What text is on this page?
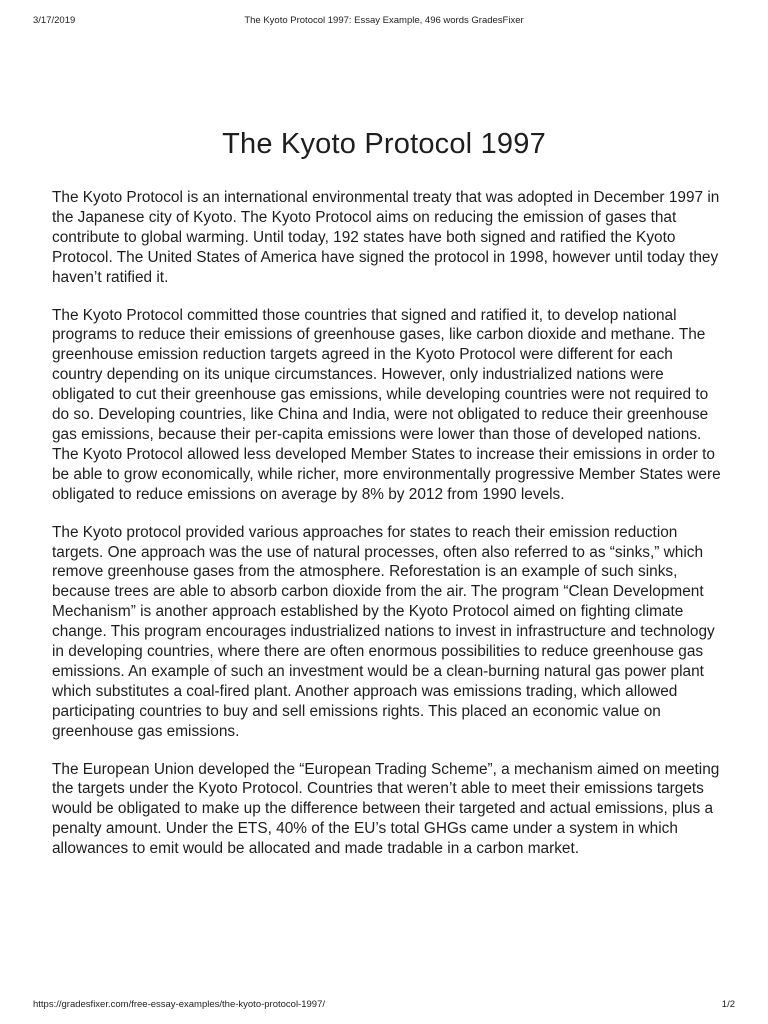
3/17/2019	The Kyoto Protocol 1997: Essay Example, 496 words GradesFixer
The Kyoto Protocol 1997

The Kyoto Protocol is an international environmental treaty that was adopted in December 1997 in the Japanese city of Kyoto. The Kyoto Protocol aims on reducing the emission of gases that contribute to global warming. Until today, 192 states have both signed and ratified the Kyoto Protocol. The United States of America have signed the protocol in 1998, however until today they haven’t ratified it.

The Kyoto Protocol committed those countries that signed and ratified it, to develop national programs to reduce their emissions of greenhouse gases, like carbon dioxide and methane. The greenhouse emission reduction targets agreed in the Kyoto Protocol were different for each country depending on its unique circumstances. However, only industrialized nations were obligated to cut their greenhouse gas emissions, while developing countries were not required to do so. Developing countries, like China and India, were not obligated to reduce their greenhouse gas emissions, because their per-capita emissions were lower than those of developed nations. The Kyoto Protocol allowed less developed Member States to increase their emissions in order to be able to grow economically, while richer, more environmentally progressive Member States were obligated to reduce emissions on average by 8% by 2012 from 1990 levels.

The Kyoto protocol provided various approaches for states to reach their emission reduction targets. One approach was the use of natural processes, often also referred to as “sinks,” which remove greenhouse gases from the atmosphere. Reforestation is an example of such sinks, because trees are able to absorb carbon dioxide from the air. The program “Clean Development Mechanism” is another approach established by the Kyoto Protocol aimed on fighting climate change. This program encourages industrialized nations to invest in infrastructure and technology in developing countries, where there are often enormous possibilities to reduce greenhouse gas emissions. An example of such an investment would be a clean-burning natural gas power plant which substitutes a coal-fired plant. Another approach was emissions trading, which allowed participating countries to buy and sell emissions rights. This placed an economic value on greenhouse gas emissions.

The European Union developed the “European Trading Scheme”, a mechanism aimed on meeting the targets under the Kyoto Protocol. Countries that weren’t able to meet their emissions targets would be obligated to make up the difference between their targeted and actual emissions, plus a penalty amount. Under the ETS, 40% of the EU’s total GHGs came under a system in which allowances to emit would be allocated and made tradable in a carbon market.

https://gradesfixer.com/free-essay-examples/the-kyoto-protocol-1997/	1/2
